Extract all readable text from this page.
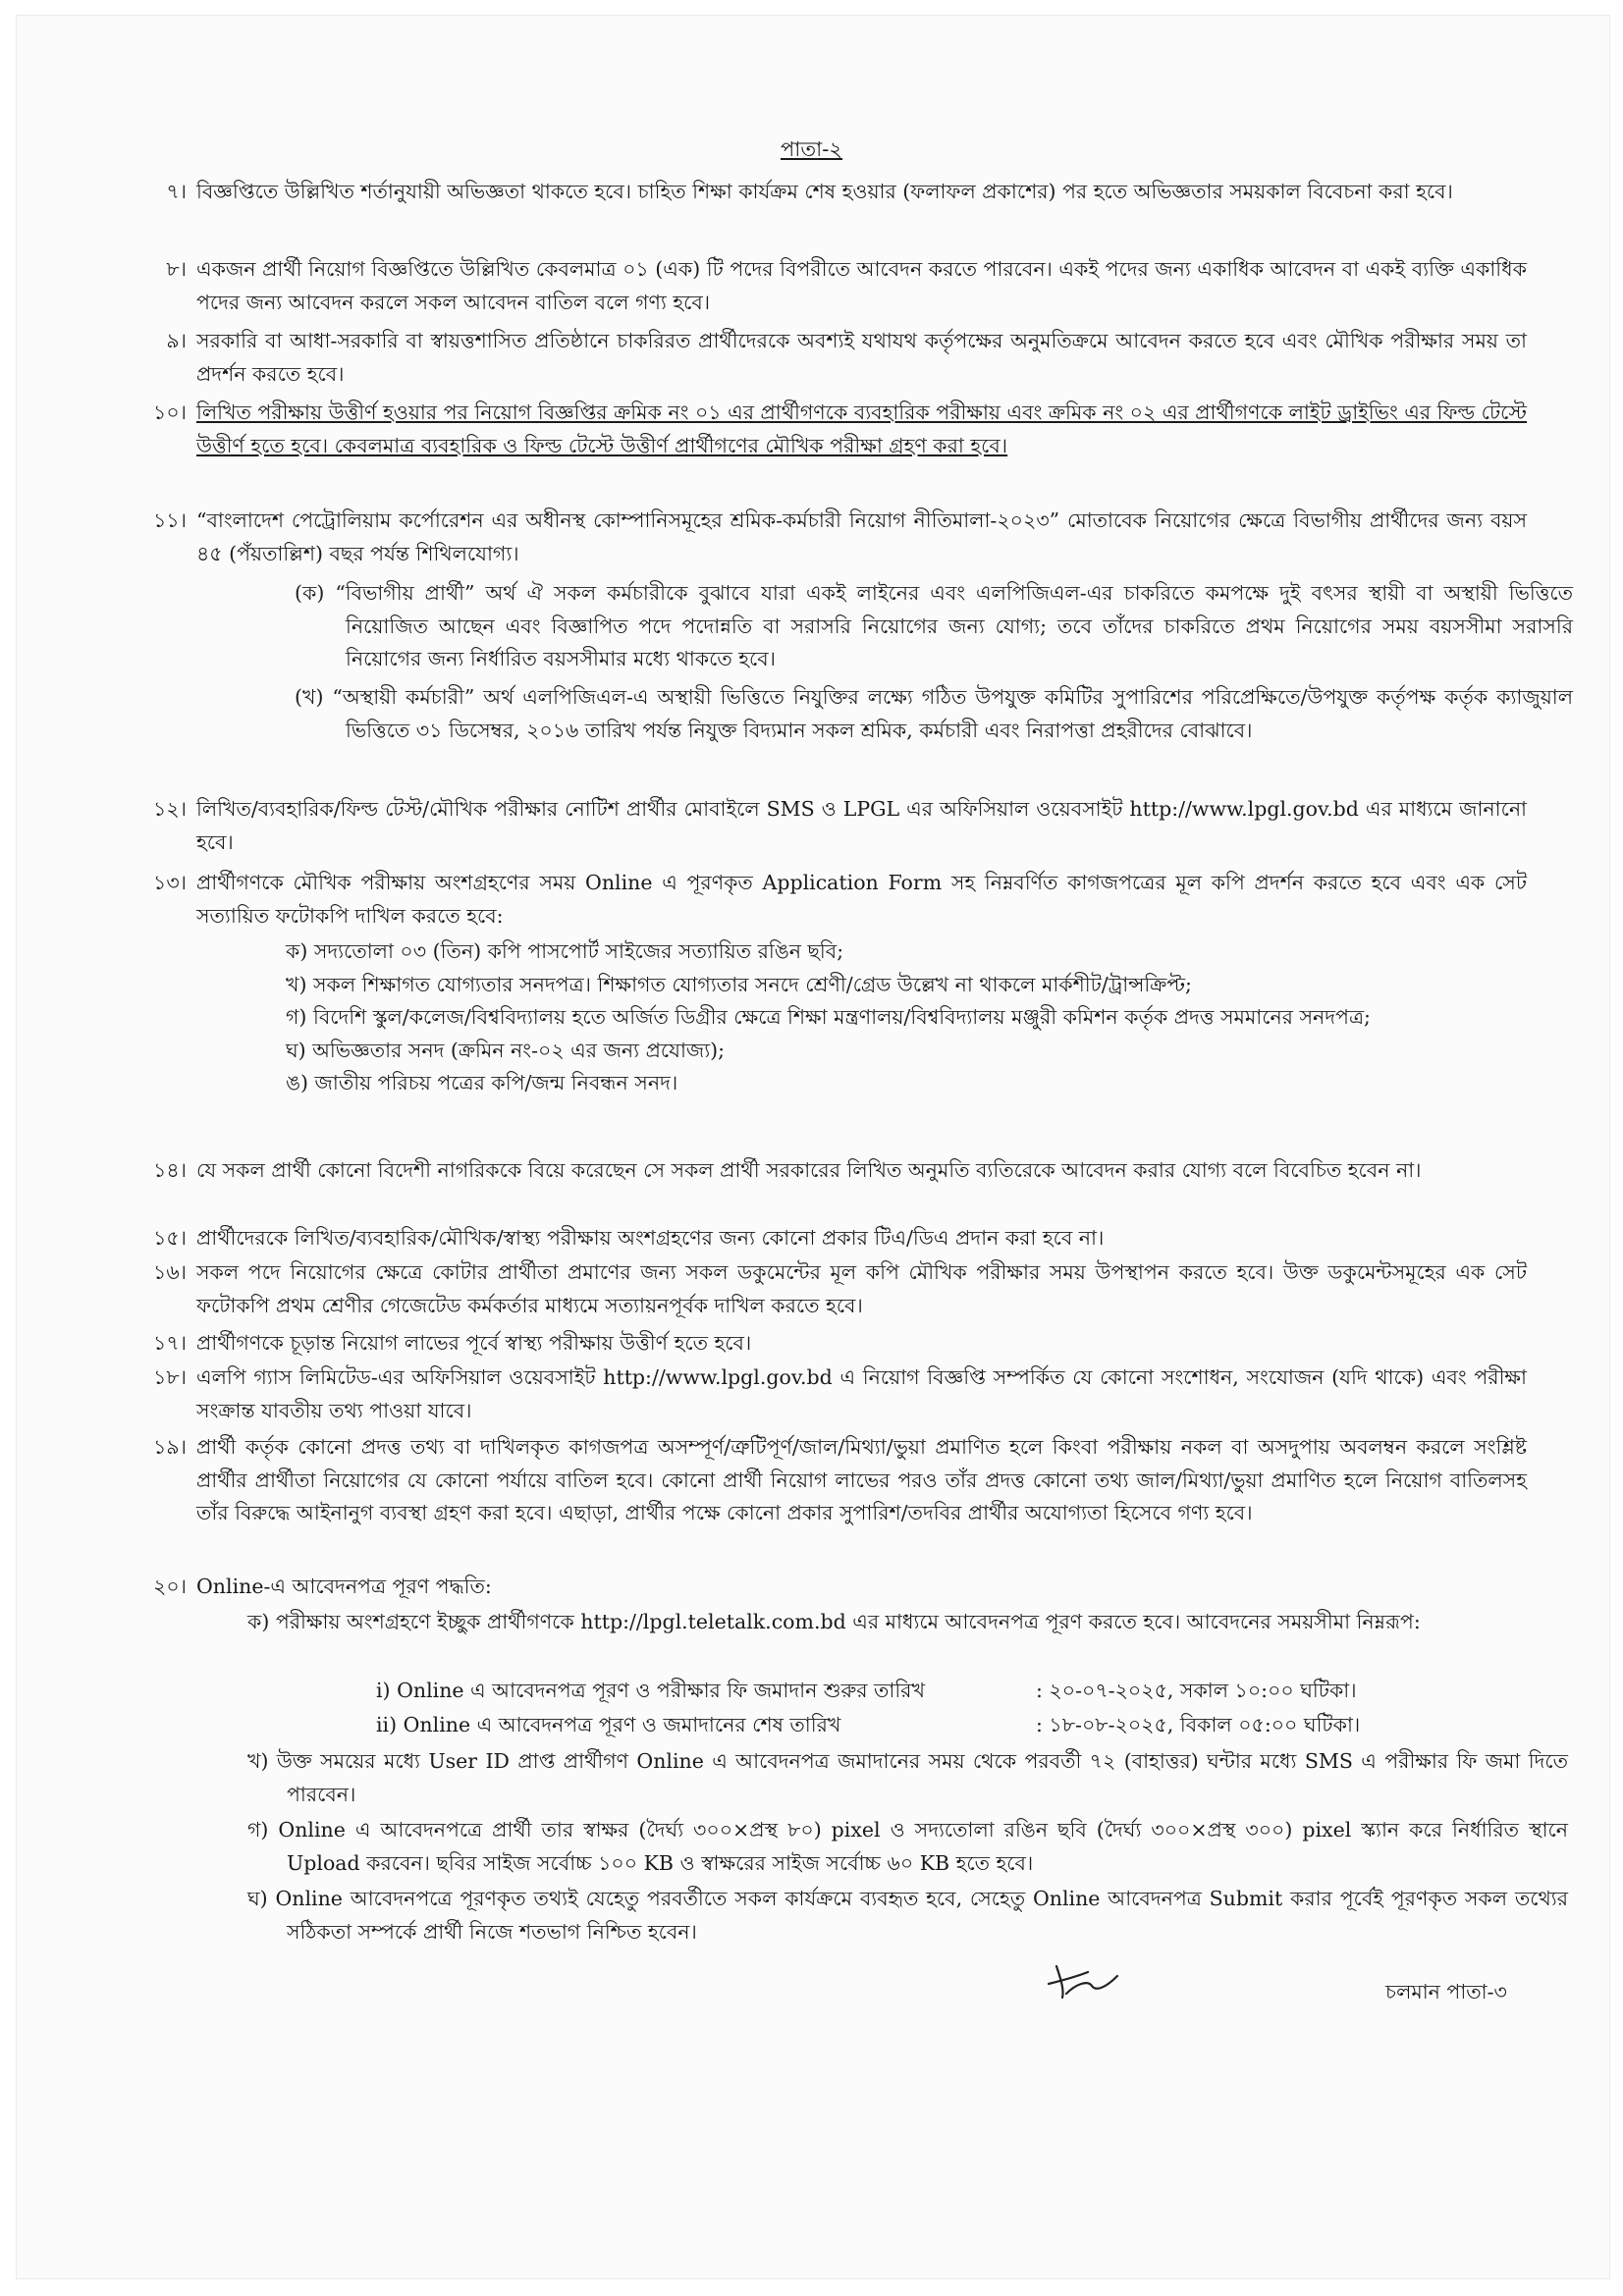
পাতা-২
৭। বিজ্ঞপ্তিতে উল্লিখিত শর্তানুযায়ী অভিজ্ঞতা থাকতে হবে। চাহিত শিক্ষা কার্যক্রম শেষ হওয়ার (ফলাফল প্রকাশের) পর হতে অভিজ্ঞতার সময়কাল বিবেচনা করা হবে।
৮। একজন প্রার্থী নিয়োগ বিজ্ঞপ্তিতে উল্লিখিত কেবলমাত্র ০১ (এক) টি পদের বিপরীতে আবেদন করতে পারবেন। একই পদের জন্য একাধিক আবেদন বা একই ব্যক্তি একাধিক পদের জন্য আবেদন করলে সকল আবেদন বাতিল বলে গণ্য হবে।
৯। সরকারি বা আধা-সরকারি বা স্বায়ত্তশাসিত প্রতিষ্ঠানে চাকরিরত প্রার্থীদেরকে অবশ্যই যথাযথ কর্তৃপক্ষের অনুমতিক্রমে আবেদন করতে হবে এবং মৌখিক পরীক্ষার সময় তা প্রদর্শন করতে হবে।
১০। লিখিত পরীক্ষায় উত্তীর্ণ হওয়ার পর নিয়োগ বিজ্ঞপ্তির ক্রমিক নং ০১ এর প্রার্থীগণকে ব্যবহারিক পরীক্ষায় এবং ক্রমিক নং ০২ এর প্রার্থীগণকে লাইট ড্রাইভিং এর ফিল্ড টেস্টে উত্তীর্ণ হতে হবে। কেবলমাত্র ব্যবহারিক ও ফিল্ড টেস্টে উত্তীর্ণ প্রার্থীগণের মৌখিক পরীক্ষা গ্রহণ করা হবে।
১১। “বাংলাদেশ পেট্রোলিয়াম কর্পোরেশন এর অধীনস্থ কোম্পানিসমূহের শ্রমিক-কর্মচারী নিয়োগ নীতিমালা-২০২৩” মোতাবেক নিয়োগের ক্ষেত্রে বিভাগীয় প্রার্থীদের জন্য বয়স ৪৫ (পঁয়তাল্লিশ) বছর পর্যন্ত শিথিলযোগ্য।
(ক) “বিভাগীয় প্রার্থী” অর্থ ঐ সকল কর্মচারীকে বুঝাবে যারা একই লাইনের এবং এলপিজিএল-এর চাকরিতে কমপক্ষে দুই বৎসর স্থায়ী বা অস্থায়ী ভিত্তিতে নিয়োজিত আছেন এবং বিজ্ঞাপিত পদে পদোন্নতি বা সরাসরি নিয়োগের জন্য যোগ্য; তবে তাঁদের চাকরিতে প্রথম নিয়োগের সময় বয়সসীমা সরাসরি নিয়োগের জন্য নির্ধারিত বয়সসীমার মধ্যে থাকতে হবে।
(খ) “অস্থায়ী কর্মচারী” অর্থ এলপিজিএল-এ অস্থায়ী ভিত্তিতে নিযুক্তির লক্ষ্যে গঠিত উপযুক্ত কমিটির সুপারিশের পরিপ্রেক্ষিতে/উপযুক্ত কর্তৃপক্ষ কর্তৃক ক্যাজুয়াল ভিত্তিতে ৩১ ডিসেম্বর, ২০১৬ তারিখ পর্যন্ত নিযুক্ত বিদ্যমান সকল শ্রমিক, কর্মচারী এবং নিরাপত্তা প্রহরীদের বোঝাবে।
১২। লিখিত/ব্যবহারিক/ফিল্ড টেস্ট/মৌখিক পরীক্ষার নোটিশ প্রার্থীর মোবাইলে SMS ও LPGL এর অফিসিয়াল ওয়েবসাইট http://www.lpgl.gov.bd এর মাধ্যমে জানানো হবে।
১৩। প্রার্থীগণকে মৌখিক পরীক্ষায় অংশগ্রহণের সময় Online এ পূরণকৃত Application Form সহ নিম্নবর্ণিত কাগজপত্রের মূল কপি প্রদর্শন করতে হবে এবং এক সেট সত্যায়িত ফটোকপি দাখিল করতে হবে:
ক) সদ্যতোলা ০৩ (তিন) কপি পাসপোর্ট সাইজের সত্যায়িত রঙিন ছবি;
খ) সকল শিক্ষাগত যোগ্যতার সনদপত্র। শিক্ষাগত যোগ্যতার সনদে শ্রেণী/গ্রেড উল্লেখ না থাকলে মার্কশীট/ট্রান্সক্রিপ্ট;
গ) বিদেশি স্কুল/কলেজ/বিশ্ববিদ্যালয় হতে অর্জিত ডিগ্রীর ক্ষেত্রে শিক্ষা মন্ত্রণালয়/বিশ্ববিদ্যালয় মঞ্জুরী কমিশন কর্তৃক প্রদত্ত সমমানের সনদপত্র;
ঘ) অভিজ্ঞতার সনদ (ক্রমিন নং-০২ এর জন্য প্রযোজ্য);
ঙ) জাতীয় পরিচয় পত্রের কপি/জন্ম নিবন্ধন সনদ।
১৪। যে সকল প্রার্থী কোনো বিদেশী নাগরিককে বিয়ে করেছেন সে সকল প্রার্থী সরকারের লিখিত অনুমতি ব্যতিরেকে আবেদন করার যোগ্য বলে বিবেচিত হবেন না।
১৫। প্রার্থীদেরকে লিখিত/ব্যবহারিক/মৌখিক/স্বাস্থ্য পরীক্ষায় অংশগ্রহণের জন্য কোনো প্রকার টিএ/ডিএ প্রদান করা হবে না।
১৬। সকল পদে নিয়োগের ক্ষেত্রে কোটার প্রার্থীতা প্রমাণের জন্য সকল ডকুমেন্টের মূল কপি মৌখিক পরীক্ষার সময় উপস্থাপন করতে হবে। উক্ত ডকুমেন্টসমূহের এক সেট ফটোকপি প্রথম শ্রেণীর গেজেটেড কর্মকর্তার মাধ্যমে সত্যায়নপূর্বক দাখিল করতে হবে।
১৭। প্রার্থীগণকে চূড়ান্ত নিয়োগ লাভের পূর্বে স্বাস্থ্য পরীক্ষায় উত্তীর্ণ হতে হবে।
১৮। এলপি গ্যাস লিমিটেড-এর অফিসিয়াল ওয়েবসাইট http://www.lpgl.gov.bd এ নিয়োগ বিজ্ঞপ্তি সম্পর্কিত যে কোনো সংশোধন, সংযোজন (যদি থাকে) এবং পরীক্ষা সংক্রান্ত যাবতীয় তথ্য পাওয়া যাবে।
১৯। প্রার্থী কর্তৃক কোনো প্রদত্ত তথ্য বা দাখিলকৃত কাগজপত্র অসম্পূর্ণ/ত্রুটিপূর্ণ/জাল/মিথ্যা/ভুয়া প্রমাণিত হলে কিংবা পরীক্ষায় নকল বা অসদুপায় অবলম্বন করলে সংশ্লিষ্ট প্রার্থীর প্রার্থীতা নিয়োগের যে কোনো পর্যায়ে বাতিল হবে। কোনো প্রার্থী নিয়োগ লাভের পরও তাঁর প্রদত্ত কোনো তথ্য জাল/মিথ্যা/ভুয়া প্রমাণিত হলে নিয়োগ বাতিলসহ তাঁর বিরুদ্ধে আইনানুগ ব্যবস্থা গ্রহণ করা হবে। এছাড়া, প্রার্থীর পক্ষে কোনো প্রকার সুপারিশ/তদবির প্রার্থীর অযোগ্যতা হিসেবে গণ্য হবে।
২০। Online-এ আবেদনপত্র পূরণ পদ্ধতি:
ক) পরীক্ষায় অংশগ্রহণে ইচ্ছুক প্রার্থীগণকে http://lpgl.teletalk.com.bd এর মাধ্যমে আবেদনপত্র পূরণ করতে হবে। আবেদনের সময়সীমা নিম্নরূপ:
i) Online এ আবেদনপত্র পূরণ ও পরীক্ষার ফি জমাদান শুরুর তারিখ	: ২০-০৭-২০২৫, সকাল ১০:০০ ঘটিকা।
ii) Online এ আবেদনপত্র পূরণ ও জমাদানের শেষ তারিখ	: ১৮-০৮-২০২৫, বিকাল ০৫:০০ ঘটিকা।
খ) উক্ত সময়ের মধ্যে User ID প্রাপ্ত প্রার্থীগণ Online এ আবেদনপত্র জমাদানের সময় থেকে পরবর্তী ৭২ (বাহাত্তর) ঘন্টার মধ্যে SMS এ পরীক্ষার ফি জমা দিতে পারবেন।
গ) Online এ আবেদনপত্রে প্রার্থী তার স্বাক্ষর (দৈর্ঘ্য ৩০০×প্রস্থ ৮০) pixel ও সদ্যতোলা রঙিন ছবি (দৈর্ঘ্য ৩০০×প্রস্থ ৩০০) pixel স্ক্যান করে নির্ধারিত স্থানে Upload করবেন। ছবির সাইজ সর্বোচ্চ ১০০ KB ও স্বাক্ষরের সাইজ সর্বোচ্চ ৬০ KB হতে হবে।
ঘ) Online আবেদনপত্রে পূরণকৃত তথ্যই যেহেতু পরবর্তীতে সকল কার্যক্রমে ব্যবহৃত হবে, সেহেতু Online আবেদনপত্র Submit করার পূর্বেই পূরণকৃত সকল তথ্যের সঠিকতা সম্পর্কে প্রার্থী নিজে শতভাগ নিশ্চিত হবেন।
চলমান পাতা-৩
